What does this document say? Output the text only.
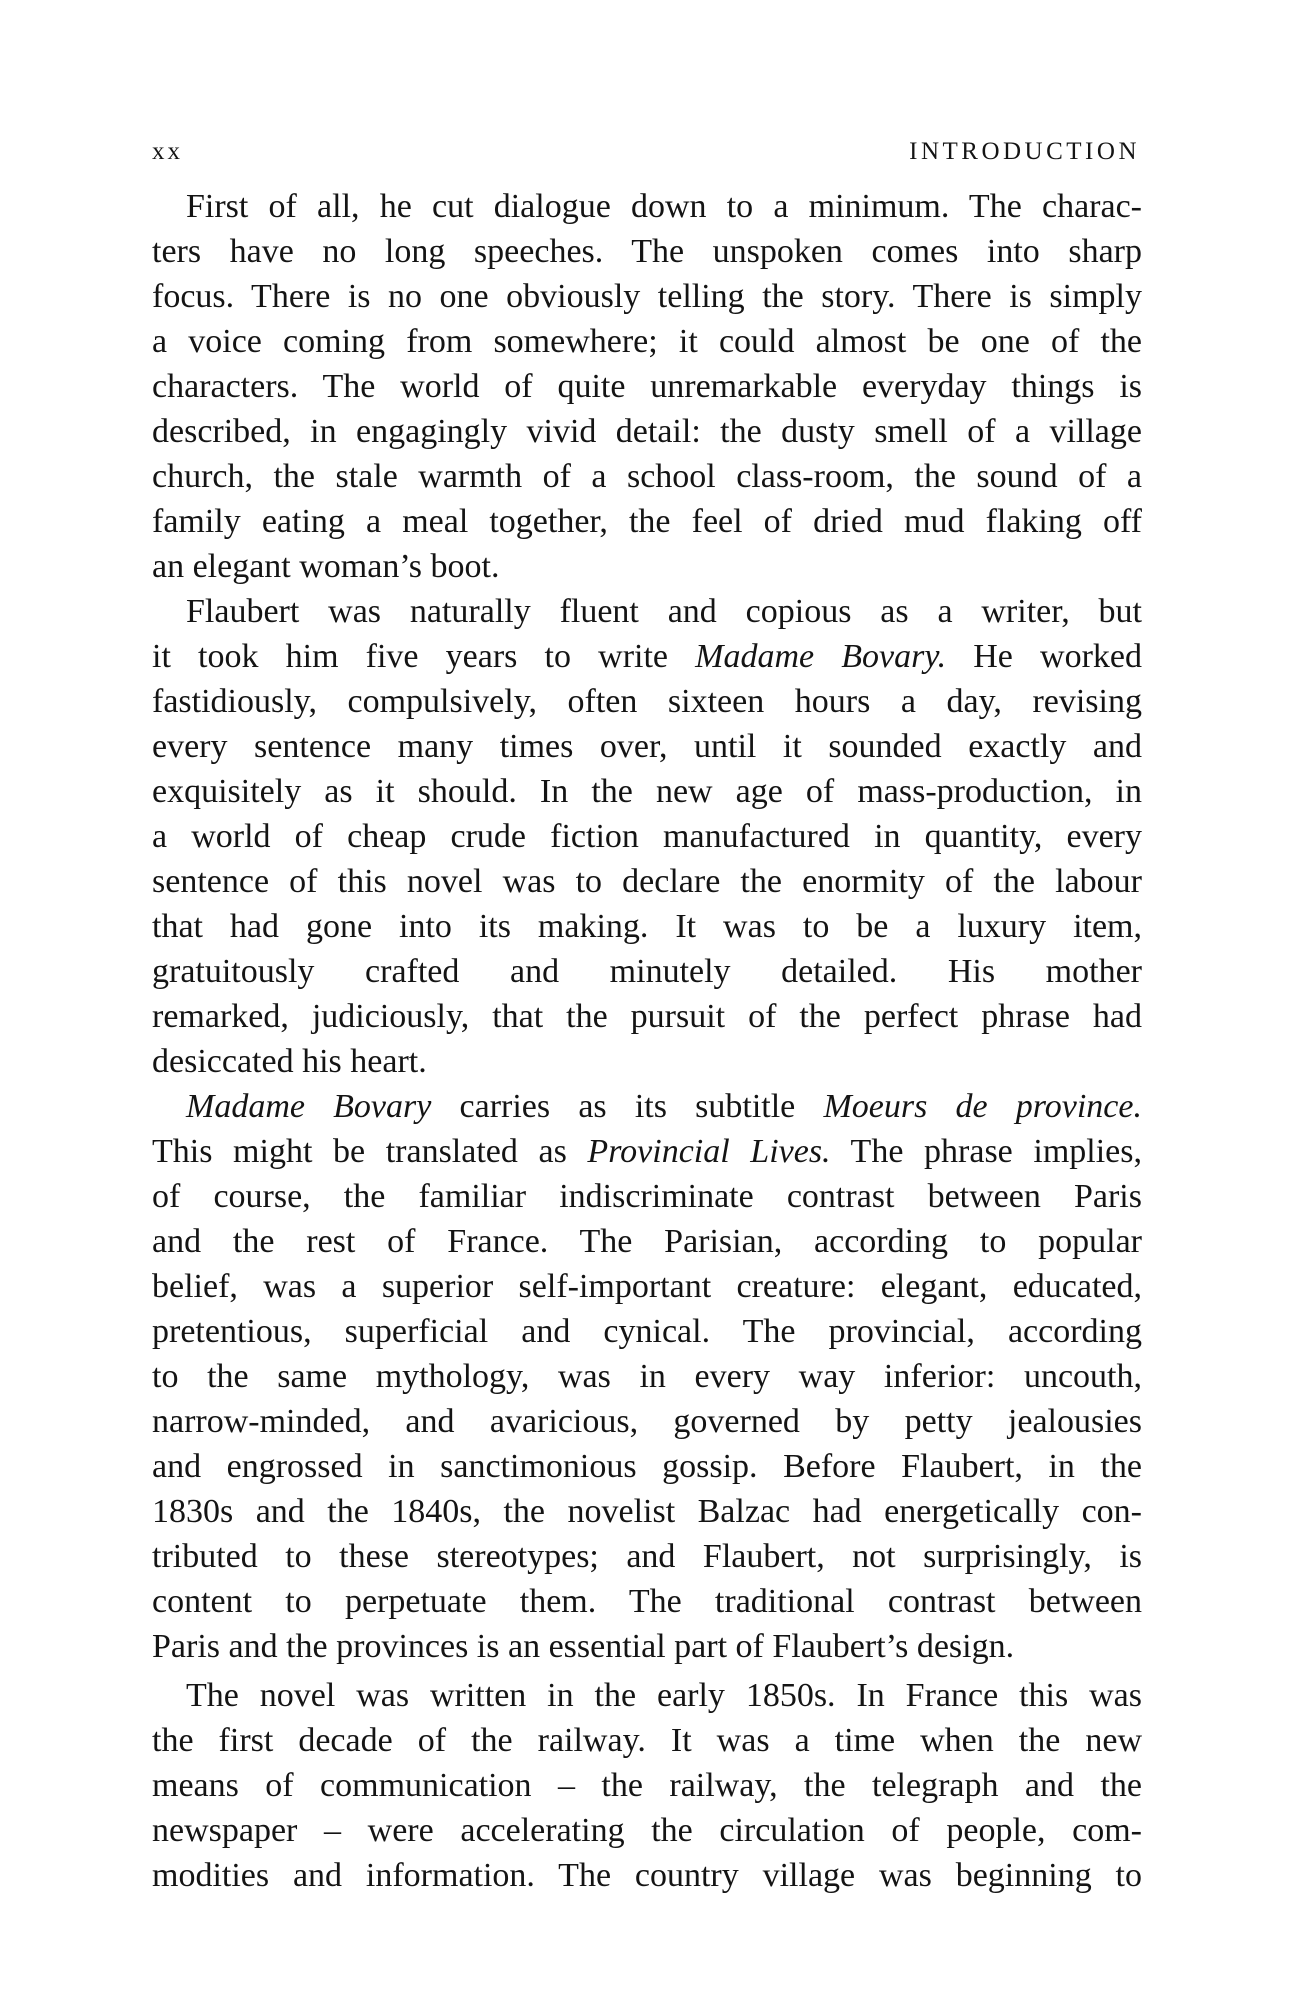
xx	INTRODUCTION
First of all, he cut dialogue down to a minimum. The charac-
ters have no long speeches. The unspoken comes into sharp
focus. There is no one obviously telling the story. There is simply
a voice coming from somewhere; it could almost be one of the
characters. The world of quite unremarkable everyday things is
described, in engagingly vivid detail: the dusty smell of a village
church, the stale warmth of a school class-room, the sound of a
family eating a meal together, the feel of dried mud flaking off
an elegant woman’s boot.
Flaubert was naturally fluent and copious as a writer, but
it took him five years to write Madame Bovary. He worked
fastidiously, compulsively, often sixteen hours a day, revising
every sentence many times over, until it sounded exactly and
exquisitely as it should. In the new age of mass-production, in
a world of cheap crude fiction manufactured in quantity, every
sentence of this novel was to declare the enormity of the labour
that had gone into its making. It was to be a luxury item,
gratuitously crafted and minutely detailed. His mother
remarked, judiciously, that the pursuit of the perfect phrase had
desiccated his heart.
Madame Bovary carries as its subtitle Moeurs de province.
This might be translated as Provincial Lives. The phrase implies,
of course, the familiar indiscriminate contrast between Paris
and the rest of France. The Parisian, according to popular
belief, was a superior self-important creature: elegant, educated,
pretentious, superficial and cynical. The provincial, according
to the same mythology, was in every way inferior: uncouth,
narrow-minded, and avaricious, governed by petty jealousies
and engrossed in sanctimonious gossip. Before Flaubert, in the
1830s and the 1840s, the novelist Balzac had energetically con-
tributed to these stereotypes; and Flaubert, not surprisingly, is
content to perpetuate them. The traditional contrast between
Paris and the provinces is an essential part of Flaubert’s design.
The novel was written in the early 1850s. In France this was
the first decade of the railway. It was a time when the new
means of communication – the railway, the telegraph and the
newspaper – were accelerating the circulation of people, com-
modities and information. The country village was beginning to
